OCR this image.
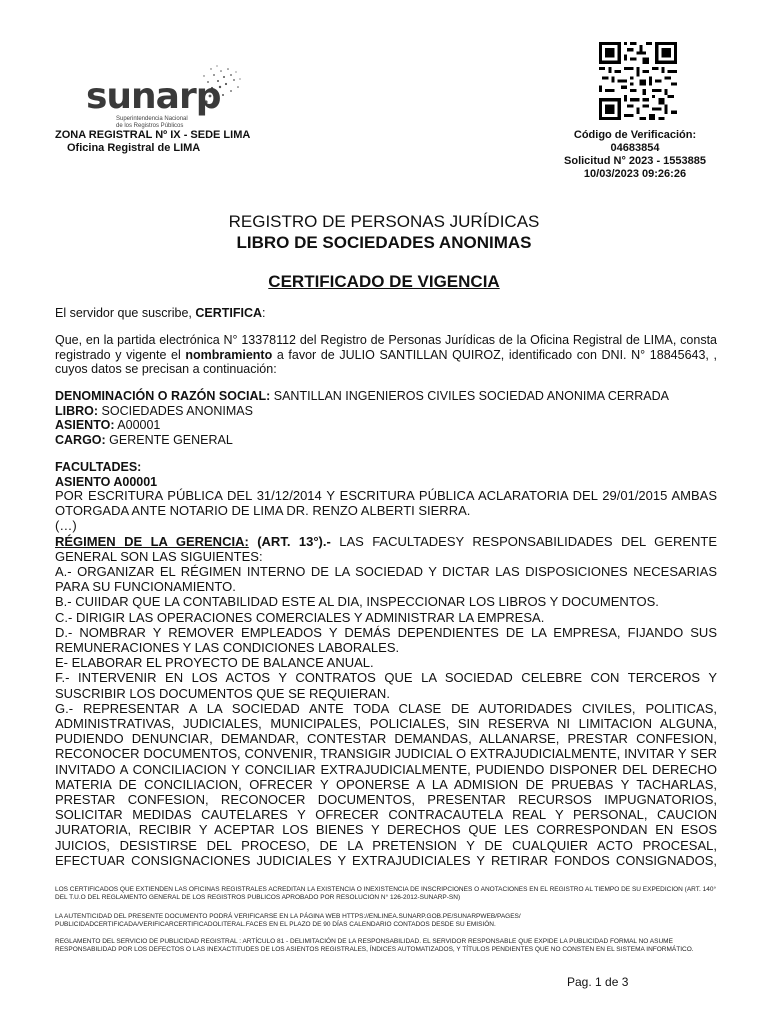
sunarp
Superintendencia Nacional
de los Registros Públicos
ZONA REGISTRAL Nº IX - SEDE LIMA
Oficina Registral de LIMA
Código de Verificación:
04683854
Solicitud N° 2023 - 1553885
10/03/2023 09:26:26
REGISTRO DE PERSONAS JURÍDICAS
LIBRO DE SOCIEDADES ANONIMAS
CERTIFICADO DE VIGENCIA
El servidor que suscribe, CERTIFICA:
Que, en la partida electrónica N° 13378112 del Registro de Personas Jurídicas de la Oficina Registral de LIMA, consta registrado y vigente el nombramiento a favor de JULIO SANTILLAN QUIROZ, identificado con DNI. N° 18845643, , cuyos datos se precisan a continuación:
DENOMINACIÓN O RAZÓN SOCIAL: SANTILLAN INGENIEROS CIVILES SOCIEDAD ANONIMA CERRADA
LIBRO: SOCIEDADES ANONIMAS
ASIENTO: A00001
CARGO: GERENTE GENERAL
FACULTADES:
ASIENTO A00001
POR ESCRITURA PÚBLICA DEL 31/12/2014 Y ESCRITURA PÚBLICA ACLARATORIA DEL 29/01/2015 AMBAS OTORGADA ANTE NOTARIO DE LIMA DR. RENZO ALBERTI SIERRA.
(…)
RÉGIMEN DE LA GERENCIA: (ART. 13°).- LAS FACULTADESY RESPONSABILIDADES DEL GERENTE GENERAL SON LAS SIGUIENTES:
A.- ORGANIZAR EL RÉGIMEN INTERNO DE LA SOCIEDAD Y DICTAR LAS DISPOSICIONES NECESARIAS PARA SU FUNCIONAMIENTO.
B.- CUIIDAR QUE LA CONTABILIDAD ESTE AL DIA, INSPECCIONAR LOS LIBROS Y DOCUMENTOS.
C.- DIRIGIR LAS OPERACIONES COMERCIALES Y ADMINISTRAR LA EMPRESA.
D.- NOMBRAR Y REMOVER EMPLEADOS Y DEMÁS DEPENDIENTES DE LA EMPRESA, FIJANDO SUS REMUNERACIONES Y LAS CONDICIONES LABORALES.
E- ELABORAR EL PROYECTO DE BALANCE ANUAL.
F.- INTERVENIR EN LOS ACTOS Y CONTRATOS QUE LA SOCIEDAD CELEBRE CON TERCEROS Y SUSCRIBIR LOS DOCUMENTOS QUE SE REQUIERAN.
G.- REPRESENTAR A LA SOCIEDAD ANTE TODA CLASE DE AUTORIDADES CIVILES, POLITICAS, ADMINISTRATIVAS, JUDICIALES, MUNICIPALES, POLICIALES, SIN RESERVA NI LIMITACION ALGUNA, PUDIENDO DENUNCIAR, DEMANDAR, CONTESTAR DEMANDAS, ALLANARSE, PRESTAR CONFESION, RECONOCER DOCUMENTOS, CONVENIR, TRANSIGIR JUDICIAL O EXTRAJUDICIALMENTE, INVITAR Y SER INVITADO A CONCILIACION Y CONCILIAR EXTRAJUDICIALMENTE, PUDIENDO DISPONER DEL DERECHO MATERIA DE CONCILIACION, OFRECER Y OPONERSE A LA ADMISION DE PRUEBAS Y TACHARLAS, PRESTAR CONFESION, RECONOCER DOCUMENTOS, PRESENTAR RECURSOS IMPUGNATORIOS, SOLICITAR MEDIDAS CAUTELARES Y OFRECER CONTRACAUTELA REAL Y PERSONAL, CAUCION JURATORIA, RECIBIR Y ACEPTAR LOS BIENES Y DERECHOS QUE LES CORRESPONDAN EN ESOS JUICIOS, DESISTIRSE DEL PROCESO, DE LA PRETENSION Y DE CUALQUIER ACTO PROCESAL, EFECTUAR CONSIGNACIONES JUDICIALES Y EXTRAJUDICIALES Y RETIRAR FONDOS CONSIGNADOS,
LOS CERTIFICADOS QUE EXTIENDEN LAS OFICINAS REGISTRALES ACREDITAN LA EXISTENCIA O INEXISTENCIA DE INSCRIPCIONES O ANOTACIONES EN EL REGISTRO AL TIEMPO DE SU EXPEDICION (ART. 140° DEL T.U.O DEL REGLAMENTO GENERAL DE LOS REGISTROS PUBLICOS APROBADO POR RESOLUCION N° 126-2012-SUNARP-SN)
LA AUTENTICIDAD DEL PRESENTE DOCUMENTO PODRÁ VERIFICARSE EN LA PÁGINA WEB HTTPS://ENLINEA.SUNARP.GOB.PE/SUNARPWEB/PAGES/ PUBLICIDADCERTIFICADA/VERIFICARCERTIFICADOLITERAL.FACES EN EL PLAZO DE 90 DÍAS CALENDARIO CONTADOS DESDE SU EMISIÓN.
REGLAMENTO DEL SERVICIO DE PUBLICIDAD REGISTRAL : ARTÍCULO 81 - DELIMITACIÓN DE LA RESPONSABILIDAD. EL SERVIDOR RESPONSABLE QUE EXPIDE LA PUBLICIDAD FORMAL NO ASUME RESPONSABILIDAD POR LOS DEFECTOS O LAS INEXACTITUDES DE LOS ASIENTOS REGISTRALES, ÍNDICES AUTOMATIZADOS, Y TÍTULOS PENDIENTES QUE NO CONSTEN EN EL SISTEMA INFORMÁTICO.
Pag. 1 de 3
